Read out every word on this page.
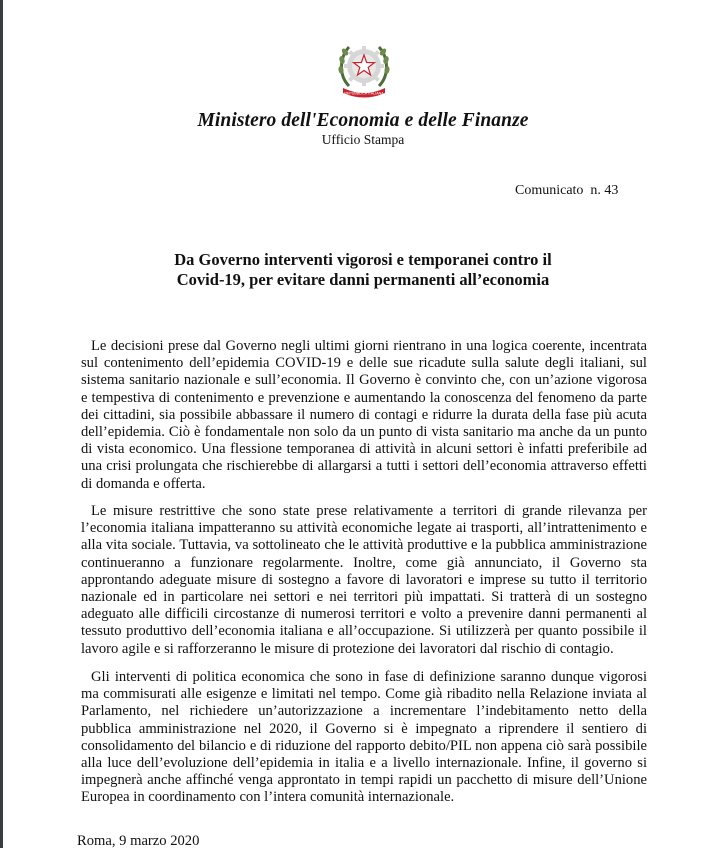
REPUBBLICA ITALIANA
Ministero dell'Economia e delle Finanze
Ufficio Stampa
Comunicato  n. 43
Da Governo interventi vigorosi e temporanei contro il
Covid-19, per evitare danni permanenti all’economia

Le decisioni prese dal Governo negli ultimi giorni rientrano in una logica coerente, incentrata sul contenimento dell’epidemia COVID-19 e delle sue ricadute sulla salute degli italiani, sul sistema sanitario nazionale e sull’economia. Il Governo è convinto che, con un’azione vigorosa e tempestiva di contenimento e prevenzione e aumentando la conoscenza del fenomeno da parte dei cittadini, sia possibile abbassare il numero di contagi e ridurre la durata della fase più acuta dell’epidemia. Ciò è fondamentale non solo da un punto di vista sanitario ma anche da un punto di vista economico. Una flessione temporanea di attività in alcuni settori è infatti preferibile ad una crisi prolungata che rischierebbe di allargarsi a tutti i settori dell’economia attraverso effetti di domanda e offerta.

Le misure restrittive che sono state prese relativamente a territori di grande rilevanza per l’economia italiana impatteranno su attività economiche legate ai trasporti, all’intrattenimento e alla vita sociale. Tuttavia, va sottolineato che le attività produttive e la pubblica amministrazione continueranno a funzionare regolarmente. Inoltre, come già annunciato, il Governo sta approntando adeguate misure di sostegno a favore di lavoratori e imprese su tutto il territorio nazionale ed in particolare nei settori e nei territori più impattati. Si tratterà di un sostegno adeguato alle difficili circostanze di numerosi territori e volto a prevenire danni permanenti al tessuto produttivo dell’economia italiana e all’occupazione. Si utilizzerà per quanto possibile il lavoro agile e si rafforzeranno le misure di protezione dei lavoratori dal rischio di contagio.

Gli interventi di politica economica che sono in fase di definizione saranno dunque vigorosi ma commisurati alle esigenze e limitati nel tempo. Come già ribadito nella Relazione inviata al Parlamento, nel richiedere un’autorizzazione a incrementare l’indebitamento netto della pubblica amministrazione nel 2020, il Governo si è impegnato a riprendere il sentiero di consolidamento del bilancio e di riduzione del rapporto debito/PIL non appena ciò sarà possibile alla luce dell’evoluzione dell’epidemia in italia e a livello internazionale. Infine, il governo si impegnerà anche affinché venga approntato in tempi rapidi un pacchetto di misure dell’Unione Europea in coordinamento con l’intera comunità internazionale.

Roma, 9 marzo 2020
